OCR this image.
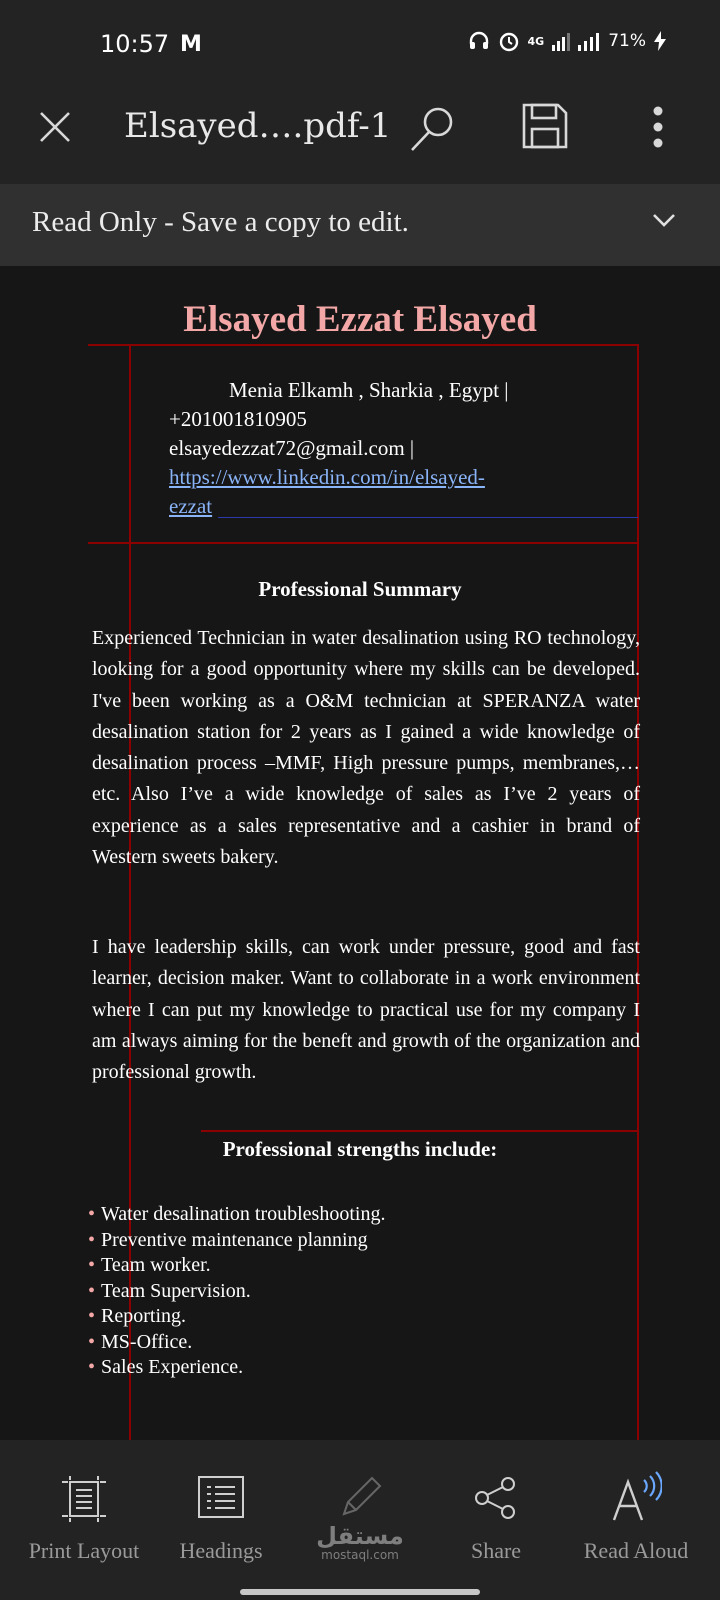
10:57 M	4G	71%
Elsayed….pdf-1
Read Only - Save a copy to edit.
Elsayed Ezzat Elsayed
Menia Elkamh , Sharkia , Egypt |
+201001810905
elsayedezzat72@gmail.com |
https://www.linkedin.com/in/elsayed-
ezzat
Professional Summary

Experienced Technician in water desalination using RO technology, looking for a good opportunity where my skills can be developed. I've been working as a O&M technician at SPERANZA water desalination station for 2 years as I gained a wide knowledge of desalination process –MMF, High pressure pumps, membranes,…etc. Also I’ve a wide knowledge of sales as I’ve 2 years of experience as a sales representative and a cashier in brand of Western sweets bakery.

I have leadership skills, can work under pressure, good and fast learner, decision maker. Want to collaborate in a work environment where I can put my knowledge to practical use for my company I am always aiming for the beneft and growth of the organization and professional growth.

Professional strengths include:
• Water desalination troubleshooting.
• Preventive maintenance planning
• Team worker.
• Team Supervision.
• Reporting.
• MS-Office.
• Sales Experience.
Print Layout	Headings	Share	Read Aloud
مستقل
mostaql.com
